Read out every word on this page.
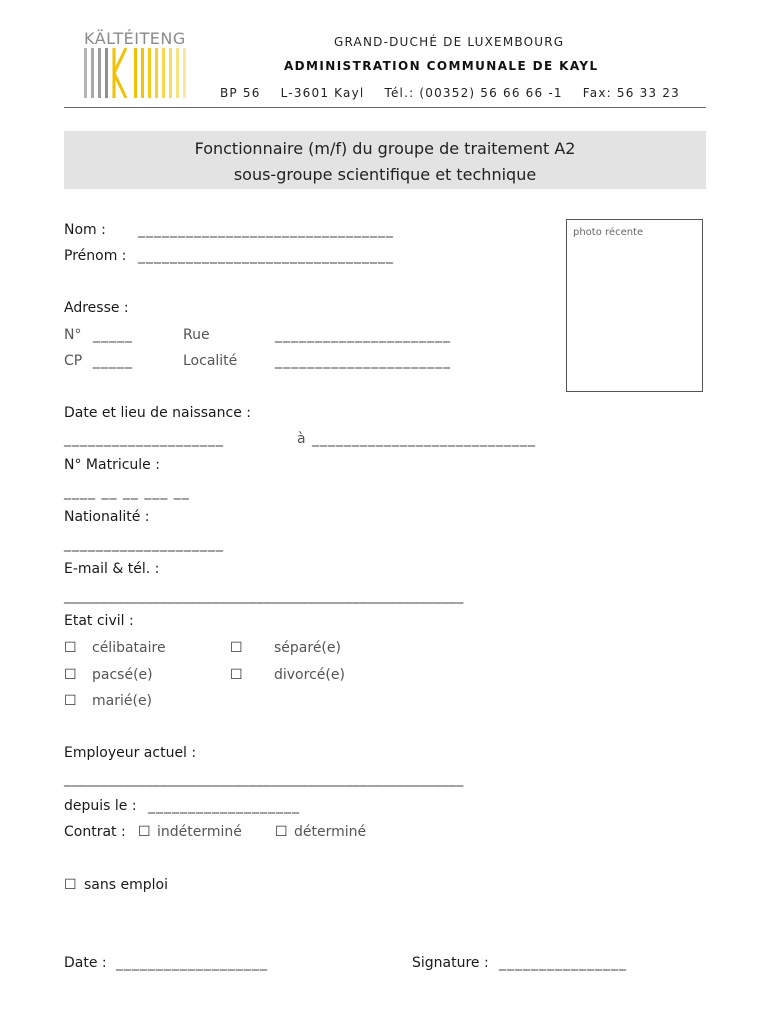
KÄLTÉITENG	GRAND-DUCHÉ DE LUXEMBOURG
ADMINISTRATION COMMUNALE DE KAYL
BP 56    L-3601 Kayl    Tél.: (00352) 56 66 66 -1    Fax: 56 33 23
Fonctionnaire (m/f) du groupe de traitement A2
sous-groupe scientifique et technique
photo récente
Nom : ________________________________
Prénom : ________________________________
Adresse :
N° _____	Rue	______________________
CP _____	Localité	______________________
Date et lieu de naissance :
____________________	à ____________________________
N° Matricule :
____ __ __ ___ __
Nationalité :
____________________
E-mail & tél. :
______________________________________________________
Etat civil :
☐ célibataire	☐ séparé(e)
☐ pacsé(e)	☐ divorcé(e)
☐ marié(e)
Employeur actuel :
______________________________________________________
depuis le : ___________________
Contrat : ☐ indéterminé ☐ déterminé
☐ sans emploi
Date : ___________________	Signature : ________________
